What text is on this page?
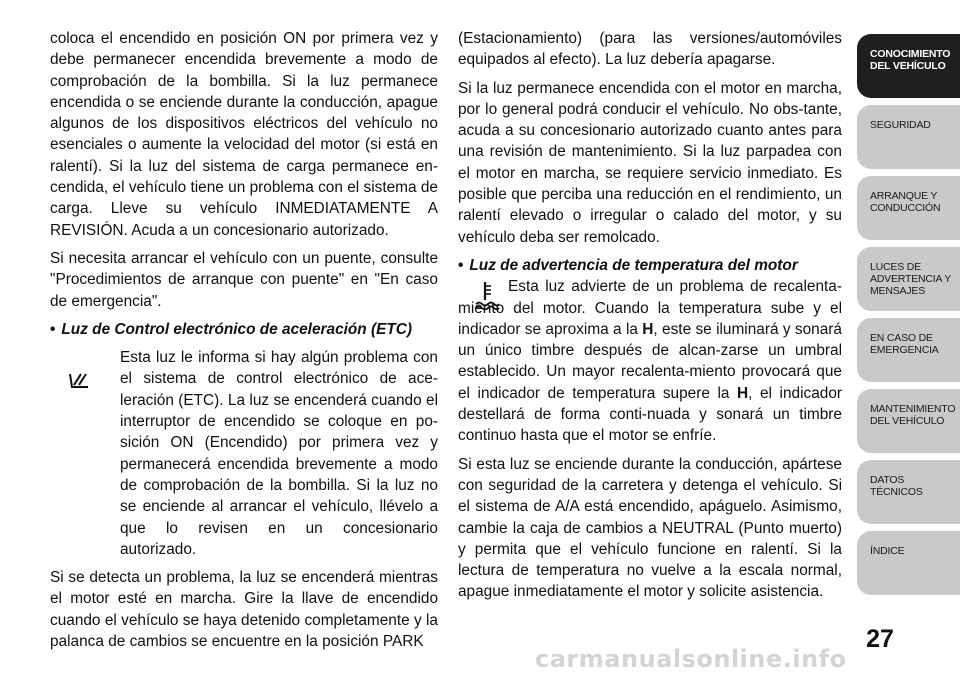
coloca el encendido en posición ON por primera vez y debe permanecer encendida brevemente a modo de comprobación de la bombilla. Si la luz permanece encendida o se enciende durante la conducción, apague algunos de los dispositivos eléctricos del vehículo no esenciales o aumente la velocidad del motor (si está en ralentí). Si la luz del sistema de carga permanece en-cendida, el vehículo tiene un problema con el sistema de carga. Lleve su vehículo INMEDIATAMENTE A REVISIÓN. Acuda a un concesionario autorizado.

Si necesita arrancar el vehículo con un puente, consulte "Procedimientos de arranque con puente" en "En caso de emergencia".

• Luz de Control electrónico de aceleración (ETC)

Esta luz le informa si hay algún problema con el sistema de control electrónico de ace-leración (ETC). La luz se encenderá cuando el interruptor de encendido se coloque en po-sición ON (Encendido) por primera vez y permanecerá encendida brevemente a modo de comprobación de la bombilla. Si la luz no se enciende al arrancar el vehículo, llévelo a que lo revisen en un concesionario autorizado.

Si se detecta un problema, la luz se encenderá mientras el motor esté en marcha. Gire la llave de encendido cuando el vehículo se haya detenido completamente y la palanca de cambios se encuentre en la posición PARK

(Estacionamiento) (para las versiones/automóviles equipados al efecto). La luz debería apagarse.

Si la luz permanece encendida con el motor en marcha, por lo general podrá conducir el vehículo. No obs-tante, acuda a su concesionario autorizado cuanto antes para una revisión de mantenimiento. Si la luz parpadea con el motor en marcha, se requiere servicio inmediato. Es posible que perciba una reducción en el rendimiento, un ralentí elevado o irregular o calado del motor, y su vehículo deba ser remolcado.

• Luz de advertencia de temperatura del motor

Esta luz advierte de un problema de recalenta-miento del motor. Cuando la temperatura sube y el indicador se aproxima a la H, este se iluminará y sonará un único timbre después de alcan-zarse un umbral establecido. Un mayor recalenta-miento provocará que el indicador de temperatura supere la H, el indicador destellará de forma conti-nuada y sonará un timbre continuo hasta que el motor se enfríe.

Si esta luz se enciende durante la conducción, apártese con seguridad de la carretera y detenga el vehículo. Si el sistema de A/A está encendido, apáguelo. Asimismo, cambie la caja de cambios a NEUTRAL (Punto muerto) y permita que el vehículo funcione en ralentí. Si la lectura de temperatura no vuelve a la escala normal, apague inmediatamente el motor y solicite asistencia.

CONOCIMIENTO
DEL VEHÍCULO
SEGURIDAD
ARRANQUE Y
CONDUCCIÓN
LUCES DE
ADVERTENCIA Y
MENSAJES
EN CASO DE
EMERGENCIA
MANTENIMIENTO
DEL VEHÍCULO
DATOS
TÉCNICOS
ÍNDICE
27
carmanualsonline.info
